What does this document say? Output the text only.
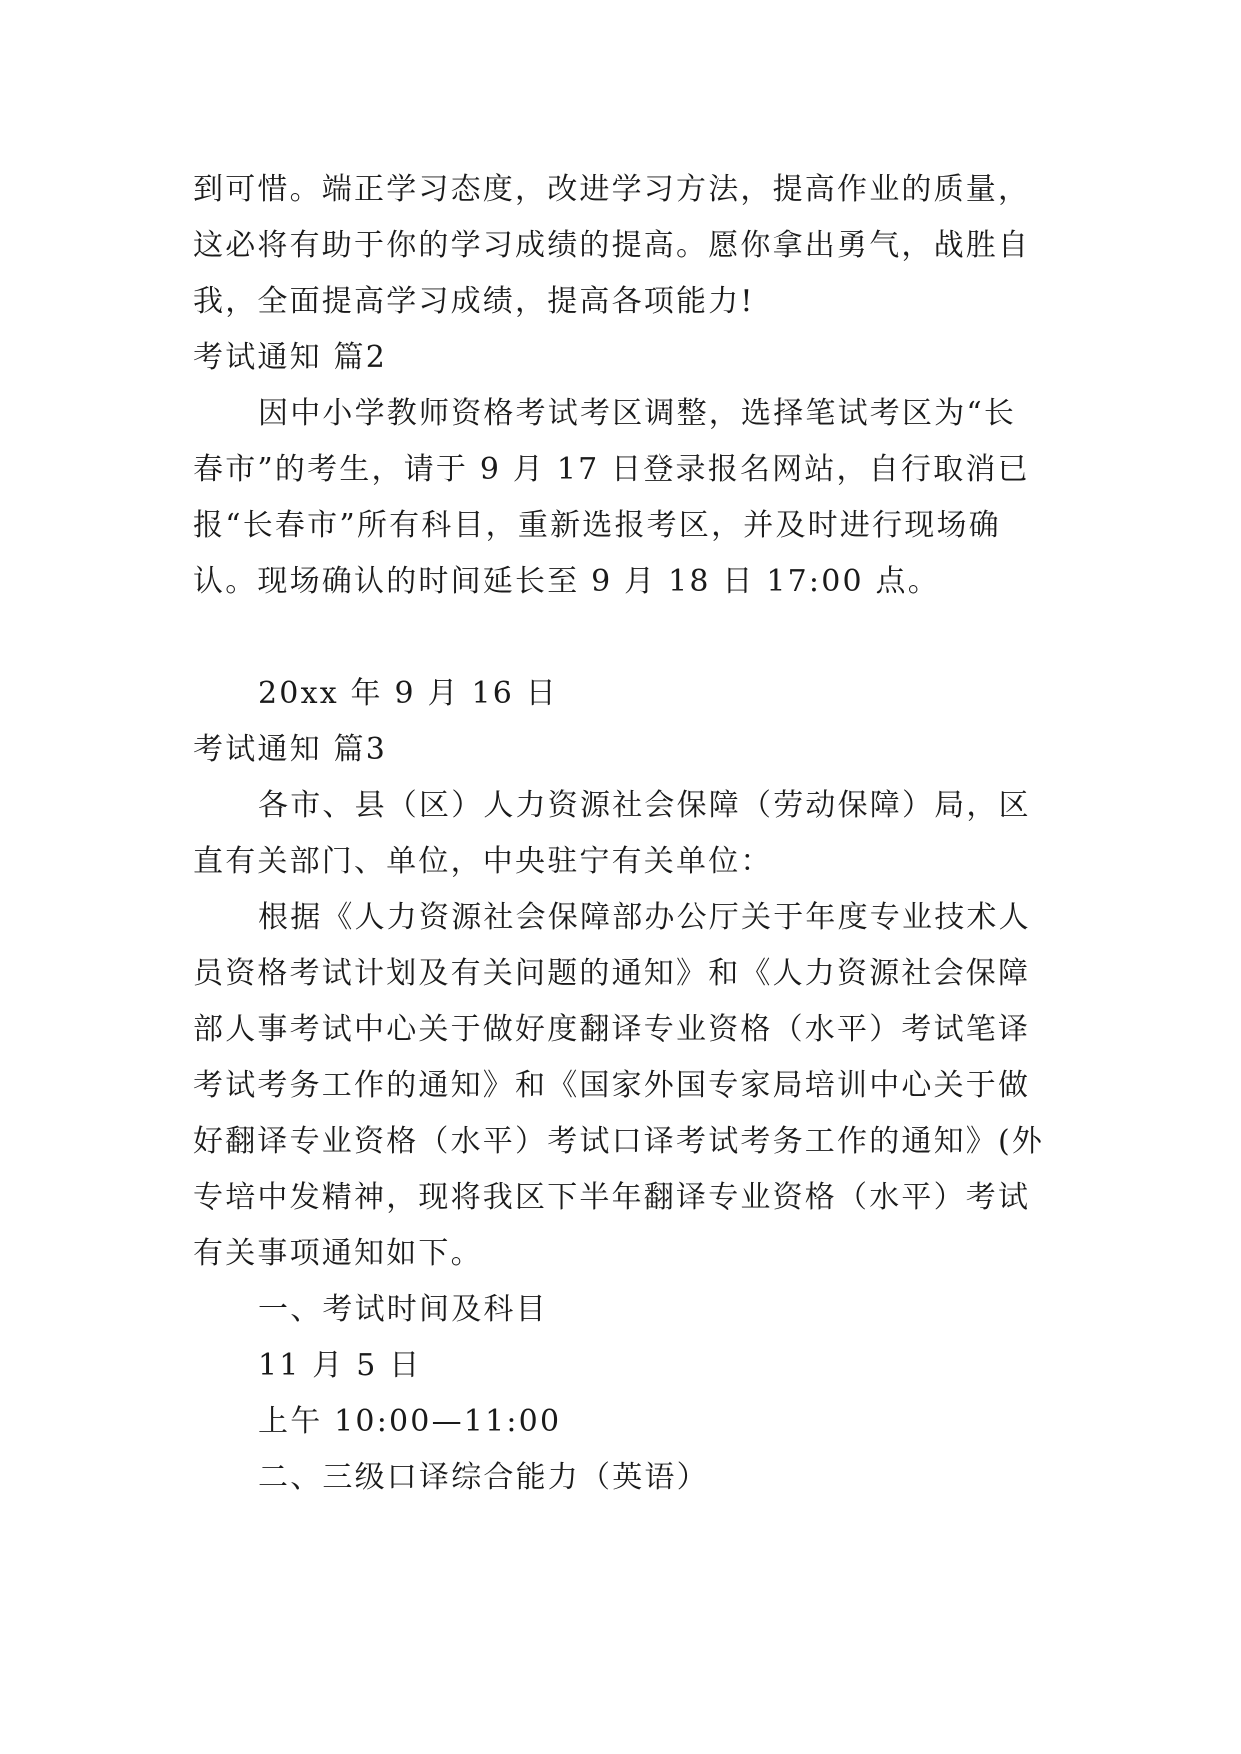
到可惜。端正学习态度，改进学习方法，提高作业的质量，
这必将有助于你的学习成绩的提高。愿你拿出勇气，战胜自
我，全面提高学习成绩，提高各项能力!
考试通知 篇2
因中小学教师资格考试考区调整，选择笔试考区为“长
春市”的考生，请于 9 月 17 日登录报名网站，自行取消已
报“长春市”所有科目，重新选报考区，并及时进行现场确
认。现场确认的时间延长至 9 月 18 日 17:00 点。
20xx 年 9 月 16 日
考试通知 篇3
各市、县（区）人力资源社会保障（劳动保障）局，区
直有关部门、单位，中央驻宁有关单位：
根据《人力资源社会保障部办公厅关于年度专业技术人
员资格考试计划及有关问题的通知》和《人力资源社会保障
部人事考试中心关于做好度翻译专业资格（水平）考试笔译
考试考务工作的通知》和《国家外国专家局培训中心关于做
好翻译专业资格（水平）考试口译考试考务工作的通知》(外
专培中发精神，现将我区下半年翻译专业资格（水平）考试
有关事项通知如下。
一、考试时间及科目
11 月 5 日
上午 10:00—11:00
二、三级口译综合能力（英语）
